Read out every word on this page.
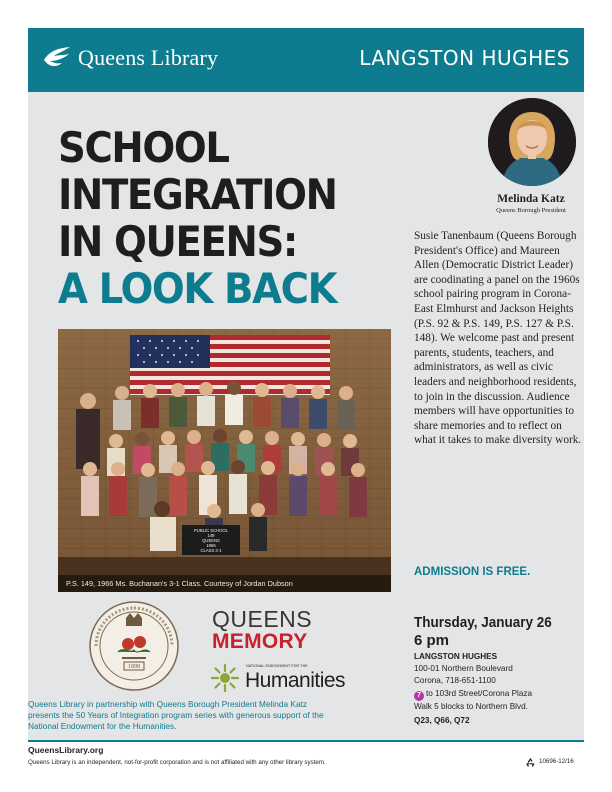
Queens Library	LANGSTON HUGHES
SCHOOL
INTEGRATION
IN QUEENS:
A LOOK BACK
PUBLIC SCHOOL
149
QUEENS
1966
CLASS 3-1
P.S. 149, 1966 Ms. Buchanan's 3-1 Class. Courtesy of Jordan Dubson
Melinda Katz
Queens Borough President
Susie Tanenbaum (Queens Borough President's Office) and Maureen Allen (Democratic District Leader) are coodinating a panel on the 1960s school pairing program in Corona-East Elmhurst and Jackson Heights (P.S. 92 & P.S. 149, P.S. 127 & P.S. 148). We welcome past and present parents, students, teachers, and administrators, as well as civic leaders and neighborhood residents, to join in the discussion. Audience members will have opportunities to share memories and to reflect on what it takes to make diversity work.
ADMISSION IS FREE.
Thursday, January 26
6 pm
LANGSTON HUGHES
100-01 Northern Boulevard
Corona, 718-651-1100
7 to 103rd Street/Corona Plaza
Walk 5 blocks to Northern Blvd.
Q23, Q66, Q72
1898
QUEENS
MEMORY
NATIONAL ENDOWMENT FOR THE
Humanities
Queens Library in partnership with Queens Borough President Melinda Katz presents the 50 Years of Integration program series with generous support of the National Endowment for the Humanities.
QueensLibrary.org
Queens Library is an independent, not-for-profit corporation and is not affiliated with any other library system.	10696-12/16
